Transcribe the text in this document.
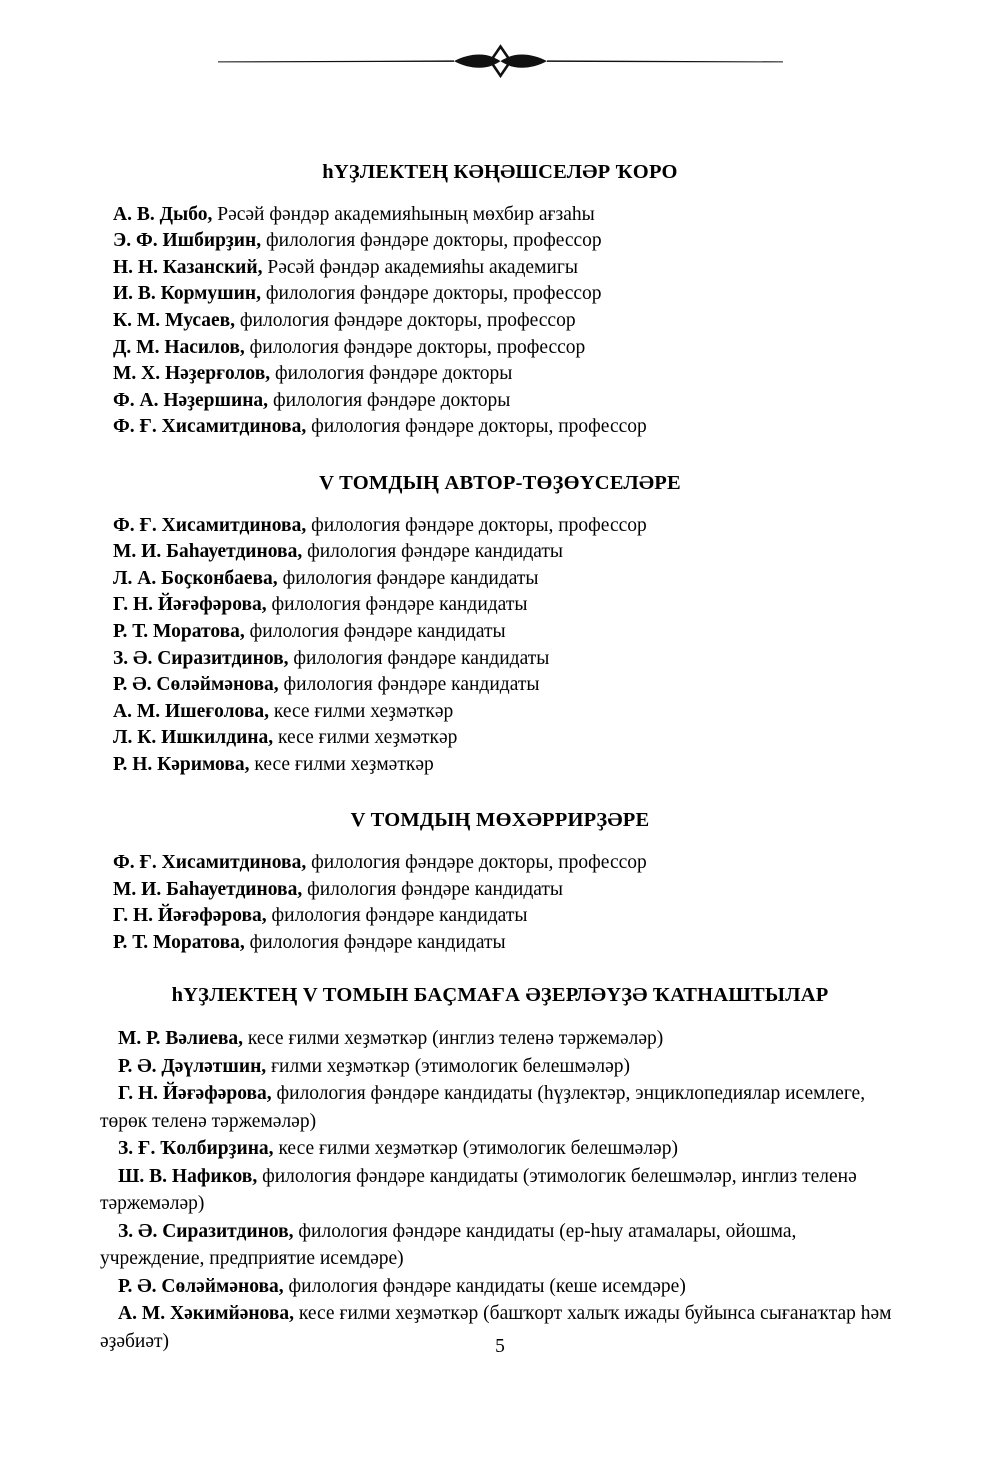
һҮҘЛЕКТЕҢ КӘҢӘШСЕЛӘР ҠОРО
А. В. Дыбо, Рәсәй фәндәр академияһының мөхбир ағзаһы
Э. Ф. Ишбирҙин, филология фәндәре докторы, профессор
Н. Н. Казанский, Рәсәй фәндәр академияһы академигы
И. В. Кормушин, филология фәндәре докторы, профессор
К. М. Мусаев, филология фәндәре докторы, профессор
Д. М. Насилов, филология фәндәре докторы, профессор
М. Х. Нәҙерғолов, филология фәндәре докторы
Ф. А. Нәҙершина, филология фәндәре докторы
Ф. Ғ. Хисамитдинова, филология фәндәре докторы, профессор
V ТОМДЫҢ АВТОР-ТӨҘӨҮСЕЛӘРЕ
Ф. Ғ. Хисамитдинова, филология фәндәре докторы, профессор
М. И. Баһауетдинова, филология фәндәре кандидаты
Л. А. Боҫконбаева, филология фәндәре кандидаты
Г. Н. Йәғәфәрова, филология фәндәре кандидаты
Р. Т. Моратова, филология фәндәре кандидаты
З. Ә. Сиразитдинов, филология фәндәре кандидаты
Р. Ә. Сөләймәнова, филология фәндәре кандидаты
А. М. Ишеғолова, кесе ғилми хеҙмәткәр
Л. К. Ишкилдина, кесе ғилми хеҙмәткәр
Р. Н. Кәримова, кесе ғилми хеҙмәткәр
V ТОМДЫҢ МӨХӘРРИРҘӘРЕ
Ф. Ғ. Хисамитдинова, филология фәндәре докторы, профессор
М. И. Баһауетдинова, филология фәндәре кандидаты
Г. Н. Йәғәфәрова, филология фәндәре кандидаты
Р. Т. Моратова, филология фәндәре кандидаты
һҮҘЛЕКТЕҢ V ТОМЫН БАҪМАҒА ӘҘЕРЛӘҮҘӘ ҠАТНАШТЫЛАР
М. Р. Вәлиева, кесе ғилми хеҙмәткәр (инглиз теленә тәржемәләр)
Р. Ә. Дәүләтшин, ғилми хеҙмәткәр (этимологик белешмәләр)
Г. Н. Йәғәфәрова, филология фәндәре кандидаты (һүҙлектәр, энциклопедиялар исемлеге, төрөк теленә тәржемәләр)
З. Ғ. Ҡолбирҙина, кесе ғилми хеҙмәткәр (этимологик белешмәләр)
Ш. В. Нафиков, филология фәндәре кандидаты (этимологик белешмәләр, инглиз теленә тәржемәләр)
З. Ә. Сиразитдинов, филология фәндәре кандидаты (ер-һыу атамалары, ойошма, учреждение, предприятие исемдәре)
Р. Ә. Сөләймәнова, филология фәндәре кандидаты (кеше исемдәре)
А. М. Хәкимйәнова, кесе ғилми хеҙмәткәр (башҡорт халыҡ ижады буйынса сығанаҡтар һәм әҙәбиәт)	5
